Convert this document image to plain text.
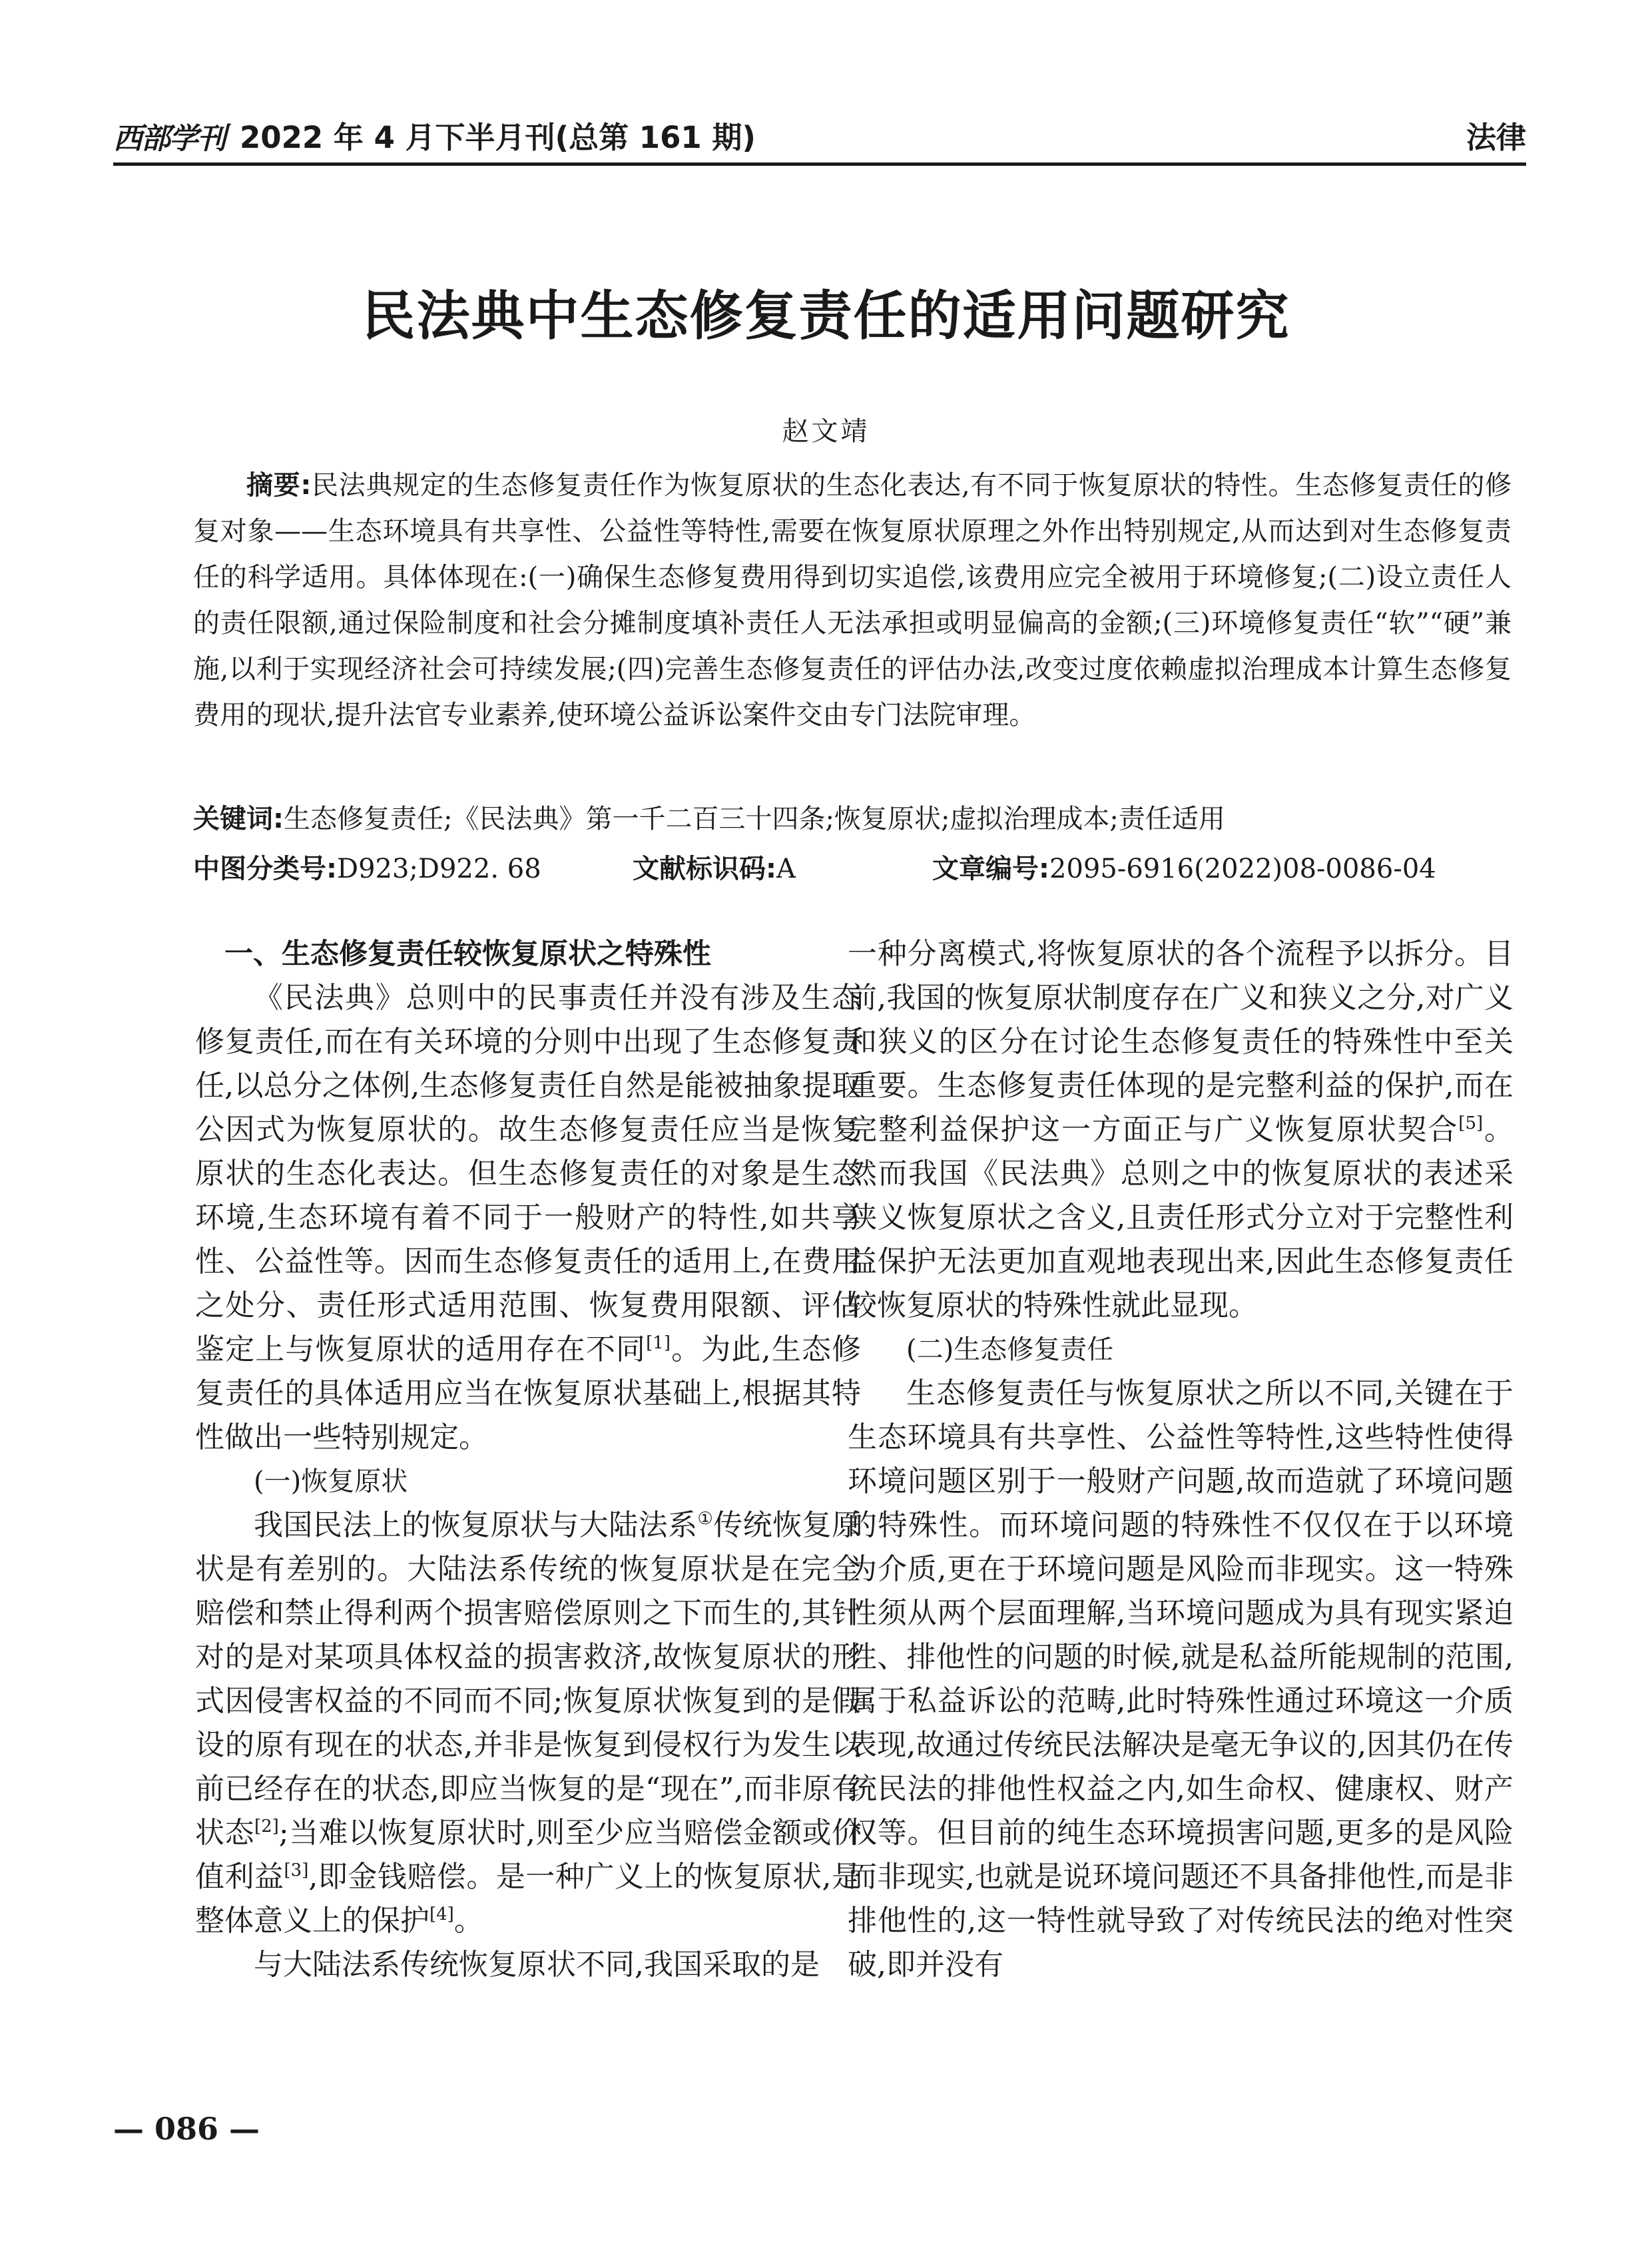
西部学刊 2022 年 4 月下半月刊(总第 161 期)	法律
民法典中生态修复责任的适用问题研究
赵文靖
摘要:民法典规定的生态修复责任作为恢复原状的生态化表达,有不同于恢复原状的特性。生态修复责任的修复对象——生态环境具有共享性、公益性等特性,需要在恢复原状原理之外作出特别规定,从而达到对生态修复责任的科学适用。具体体现在:(一)确保生态修复费用得到切实追偿,该费用应完全被用于环境修复;(二)设立责任人的责任限额,通过保险制度和社会分摊制度填补责任人无法承担或明显偏高的金额;(三)环境修复责任“软”“硬”兼施,以利于实现经济社会可持续发展;(四)完善生态修复责任的评估办法,改变过度依赖虚拟治理成本计算生态修复费用的现状,提升法官专业素养,使环境公益诉讼案件交由专门法院审理。
关键词:生态修复责任;《民法典》第一千二百三十四条;恢复原状;虚拟治理成本;责任适用
中图分类号:D923;D922. 68	文献标识码:A	文章编号:2095-6916(2022)08-0086-04

一、生态修复责任较恢复原状之特殊性

《民法典》总则中的民事责任并没有涉及生态修复责任,而在有关环境的分则中出现了生态修复责任,以总分之体例,生态修复责任自然是能被抽象提取公因式为恢复原状的。故生态修复责任应当是恢复原状的生态化表达。但生态修复责任的对象是生态环境,生态环境有着不同于一般财产的特性,如共享性、公益性等。因而生态修复责任的适用上,在费用之处分、责任形式适用范围、恢复费用限额、评估鉴定上与恢复原状的适用存在不同[1]。为此,生态修复责任的具体适用应当在恢复原状基础上,根据其特性做出一些特别规定。

(一)恢复原状

我国民法上的恢复原状与大陆法系①传统恢复原状是有差别的。大陆法系传统的恢复原状是在完全赔偿和禁止得利两个损害赔偿原则之下而生的,其针对的是对某项具体权益的损害救济,故恢复原状的形式因侵害权益的不同而不同;恢复原状恢复到的是假设的原有现在的状态,并非是恢复到侵权行为发生以前已经存在的状态,即应当恢复的是“现在”,而非原有状态[2];当难以恢复原状时,则至少应当赔偿金额或价值利益[3],即金钱赔偿。是一种广义上的恢复原状,是整体意义上的保护[4]。

与大陆法系传统恢复原状不同,我国采取的是

一种分离模式,将恢复原状的各个流程予以拆分。目前,我国的恢复原状制度存在广义和狭义之分,对广义和狭义的区分在讨论生态修复责任的特殊性中至关重要。生态修复责任体现的是完整利益的保护,而在完整利益保护这一方面正与广义恢复原状契合[5]。然而我国《民法典》总则之中的恢复原状的表述采狭义恢复原状之含义,且责任形式分立对于完整性利益保护无法更加直观地表现出来,因此生态修复责任较恢复原状的特殊性就此显现。

(二)生态修复责任

生态修复责任与恢复原状之所以不同,关键在于生态环境具有共享性、公益性等特性,这些特性使得环境问题区别于一般财产问题,故而造就了环境问题的特殊性。而环境问题的特殊性不仅仅在于以环境为介质,更在于环境问题是风险而非现实。这一特殊性须从两个层面理解,当环境问题成为具有现实紧迫性、排他性的问题的时候,就是私益所能规制的范围,属于私益诉讼的范畴,此时特殊性通过环境这一介质表现,故通过传统民法解决是毫无争议的,因其仍在传统民法的排他性权益之内,如生命权、健康权、财产权等。但目前的纯生态环境损害问题,更多的是风险而非现实,也就是说环境问题还不具备排他性,而是非排他性的,这一特性就导致了对传统民法的绝对性突破,即并没有

— 086 —
